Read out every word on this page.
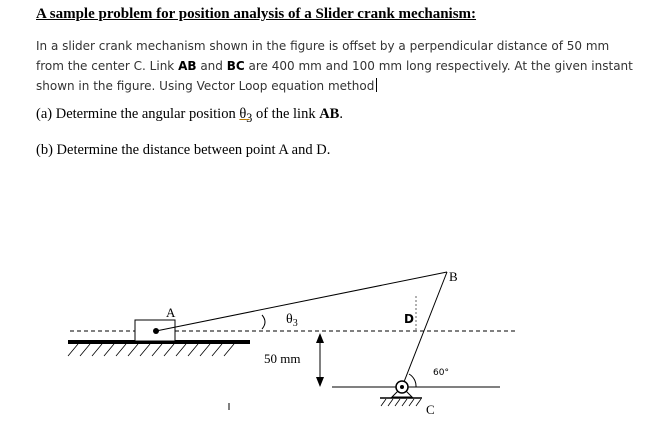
A sample problem for position analysis of a Slider crank mechanism:
In a slider crank mechanism shown in the figure is offset by a perpendicular distance of 50 mm from the center C. Link AB and BC are 400 mm and 100 mm long respectively. At the given instant shown in the figure. Using Vector Loop equation method
(a) Determine the angular position $\theta_3$ of the link AB.
(b) Determine the distance between point A and D.
A
B
C
D
$\theta_3$
50 mm
60°
